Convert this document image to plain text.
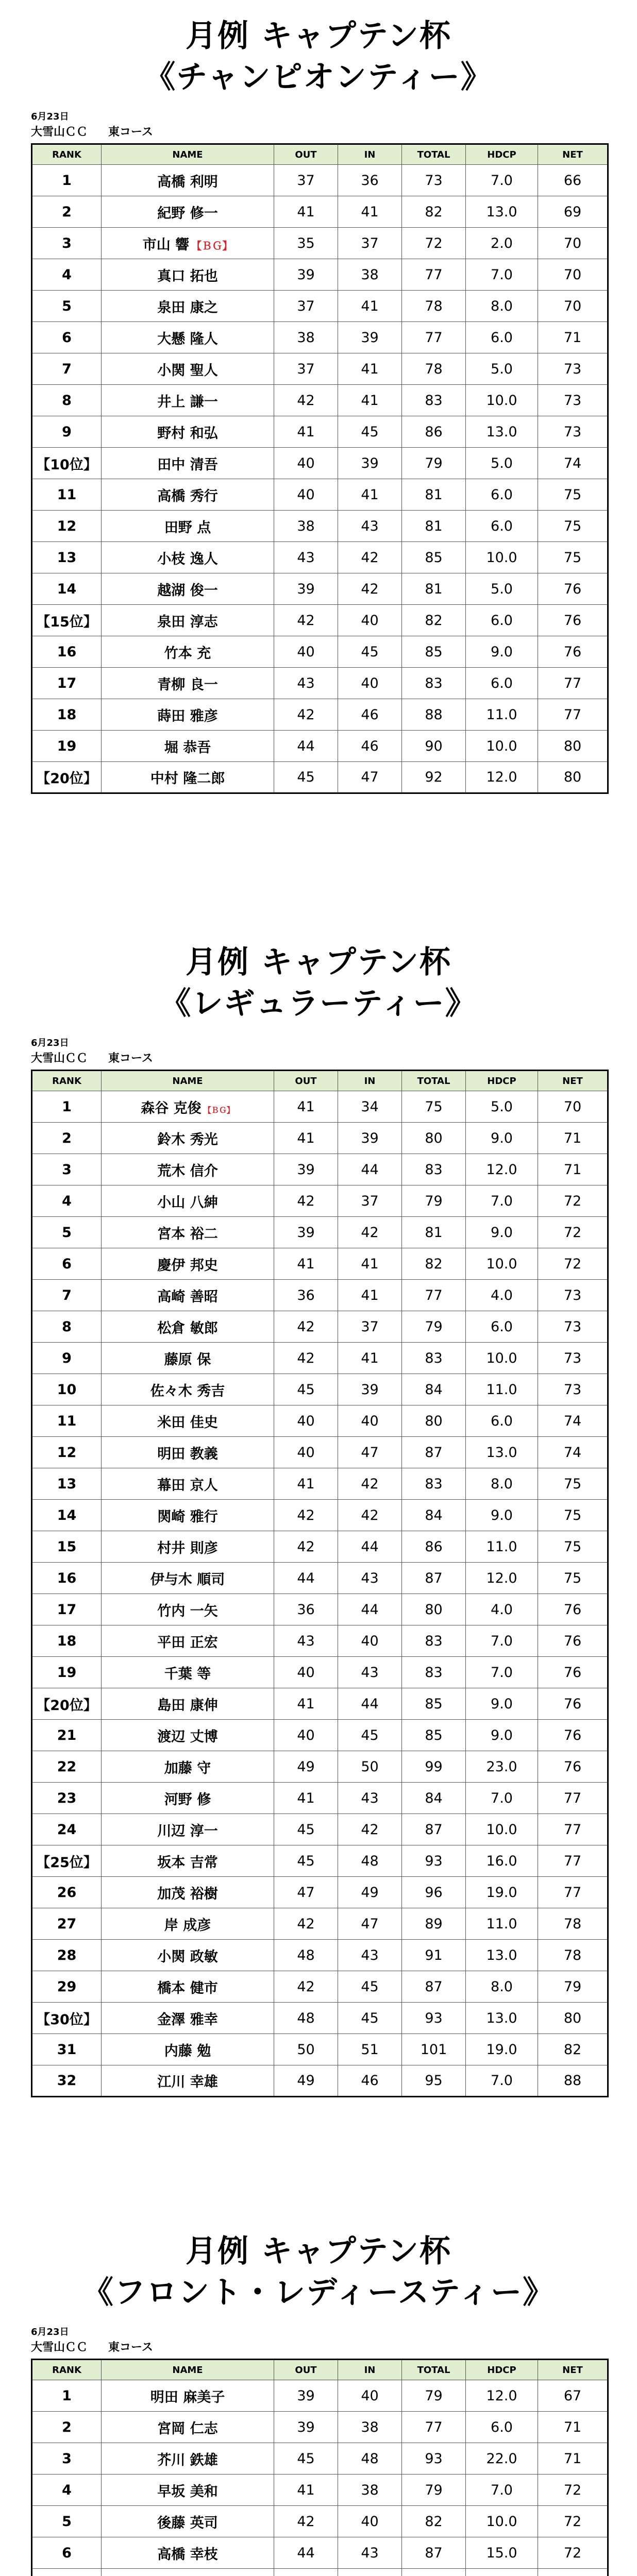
月例 キャプテン杯
《チャンピオンティー》
6月23日
大雪山ＣＣ 東コース
RANK	NAME	OUT	IN	TOTAL	HDCP	NET
1	高橋 利明	37	36	73	7.0	66
2	紀野 修一	41	41	82	13.0	69
3	市山 響 【ＢＧ】	35	37	72	2.0	70
4	真口 拓也	39	38	77	7.0	70
5	泉田 康之	37	41	78	8.0	70
6	大懸 隆人	38	39	77	6.0	71
7	小関 聖人	37	41	78	5.0	73
8	井上 謙一	42	41	83	10.0	73
9	野村 和弘	41	45	86	13.0	73
【10位】	田中 清吾	40	39	79	5.0	74
11	高橋 秀行	40	41	81	6.0	75
12	田野 点	38	43	81	6.0	75
13	小枝 逸人	43	42	85	10.0	75
14	越湖 俊一	39	42	81	5.0	76
【15位】	泉田 淳志	42	40	82	6.0	76
16	竹本 充	40	45	85	9.0	76
17	青柳 良一	43	40	83	6.0	77
18	蒔田 雅彦	42	46	88	11.0	77
19	堀 恭吾	44	46	90	10.0	80
【20位】	中村 隆二郎	45	47	92	12.0	80
月例 キャプテン杯
《レギュラーティー》
6月23日
大雪山ＣＣ 東コース
RANK	NAME	OUT	IN	TOTAL	HDCP	NET
1	森谷 克俊 【ＢＧ】	41	34	75	5.0	70
2	鈴木 秀光	41	39	80	9.0	71
3	荒木 信介	39	44	83	12.0	71
4	小山 八紳	42	37	79	7.0	72
5	宮本 裕二	39	42	81	9.0	72
6	慶伊 邦史	41	41	82	10.0	72
7	高崎 善昭	36	41	77	4.0	73
8	松倉 敏郎	42	37	79	6.0	73
9	藤原 保	42	41	83	10.0	73
10	佐々木 秀吉	45	39	84	11.0	73
11	米田 佳史	40	40	80	6.0	74
12	明田 教義	40	47	87	13.0	74
13	幕田 京人	41	42	83	8.0	75
14	関崎 雅行	42	42	84	9.0	75
15	村井 則彦	42	44	86	11.0	75
16	伊与木 順司	44	43	87	12.0	75
17	竹内 一矢	36	44	80	4.0	76
18	平田 正宏	43	40	83	7.0	76
19	千葉 等	40	43	83	7.0	76
【20位】	島田 康伸	41	44	85	9.0	76
21	渡辺 丈博	40	45	85	9.0	76
22	加藤 守	49	50	99	23.0	76
23	河野 修	41	43	84	7.0	77
24	川辺 淳一	45	42	87	10.0	77
【25位】	坂本 吉常	45	48	93	16.0	77
26	加茂 裕樹	47	49	96	19.0	77
27	岸 成彦	42	47	89	11.0	78
28	小関 政敏	48	43	91	13.0	78
29	橋本 健市	42	45	87	8.0	79
【30位】	金澤 雅幸	48	45	93	13.0	80
31	内藤 勉	50	51	101	19.0	82
32	江川 幸雄	49	46	95	7.0	88
月例 キャプテン杯
《フロント・レディースティー》
6月23日
大雪山ＣＣ 東コース
RANK	NAME	OUT	IN	TOTAL	HDCP	NET
1	明田 麻美子	39	40	79	12.0	67
2	宮岡 仁志	39	38	77	6.0	71
3	芥川 鉄雄	45	48	93	22.0	71
4	早坂 美和	41	38	79	7.0	72
5	後藤 英司	42	40	82	10.0	72
6	高橋 幸枝	44	43	87	15.0	72
